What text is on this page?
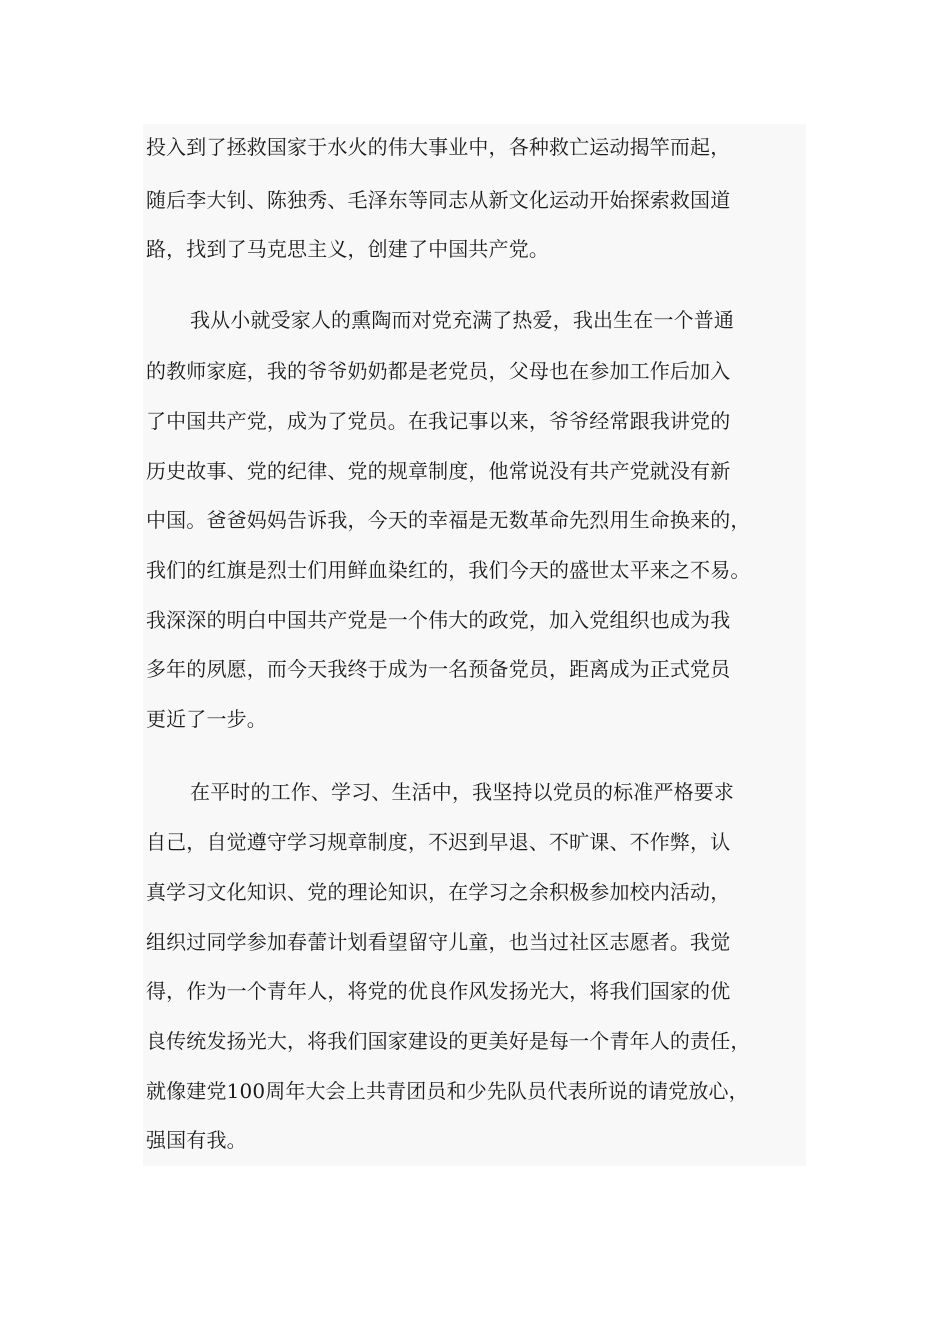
投入到了拯救国家于水火的伟大事业中，各种救亡运动揭竿而起，
随后李大钊、陈独秀、毛泽东等同志从新文化运动开始探索救国道
路，找到了马克思主义，创建了中国共产党。
我从小就受家人的熏陶而对党充满了热爱，我出生在一个普通
的教师家庭，我的爷爷奶奶都是老党员，父母也在参加工作后加入
了中国共产党，成为了党员。在我记事以来，爷爷经常跟我讲党的
历史故事、党的纪律、党的规章制度，他常说没有共产党就没有新
中国。爸爸妈妈告诉我，今天的幸福是无数革命先烈用生命换来的，
我们的红旗是烈士们用鲜血染红的，我们今天的盛世太平来之不易。
我深深的明白中国共产党是一个伟大的政党，加入党组织也成为我
多年的夙愿，而今天我终于成为一名预备党员，距离成为正式党员
更近了一步。
在平时的工作、学习、生活中，我坚持以党员的标准严格要求
自己，自觉遵守学习规章制度，不迟到早退、不旷课、不作弊，认
真学习文化知识、党的理论知识，在学习之余积极参加校内活动，
组织过同学参加春蕾计划看望留守儿童，也当过社区志愿者。我觉
得，作为一个青年人，将党的优良作风发扬光大，将我们国家的优
良传统发扬光大，将我们国家建设的更美好是每一个青年人的责任，
就像建党100周年大会上共青团员和少先队员代表所说的请党放心，
强国有我。
